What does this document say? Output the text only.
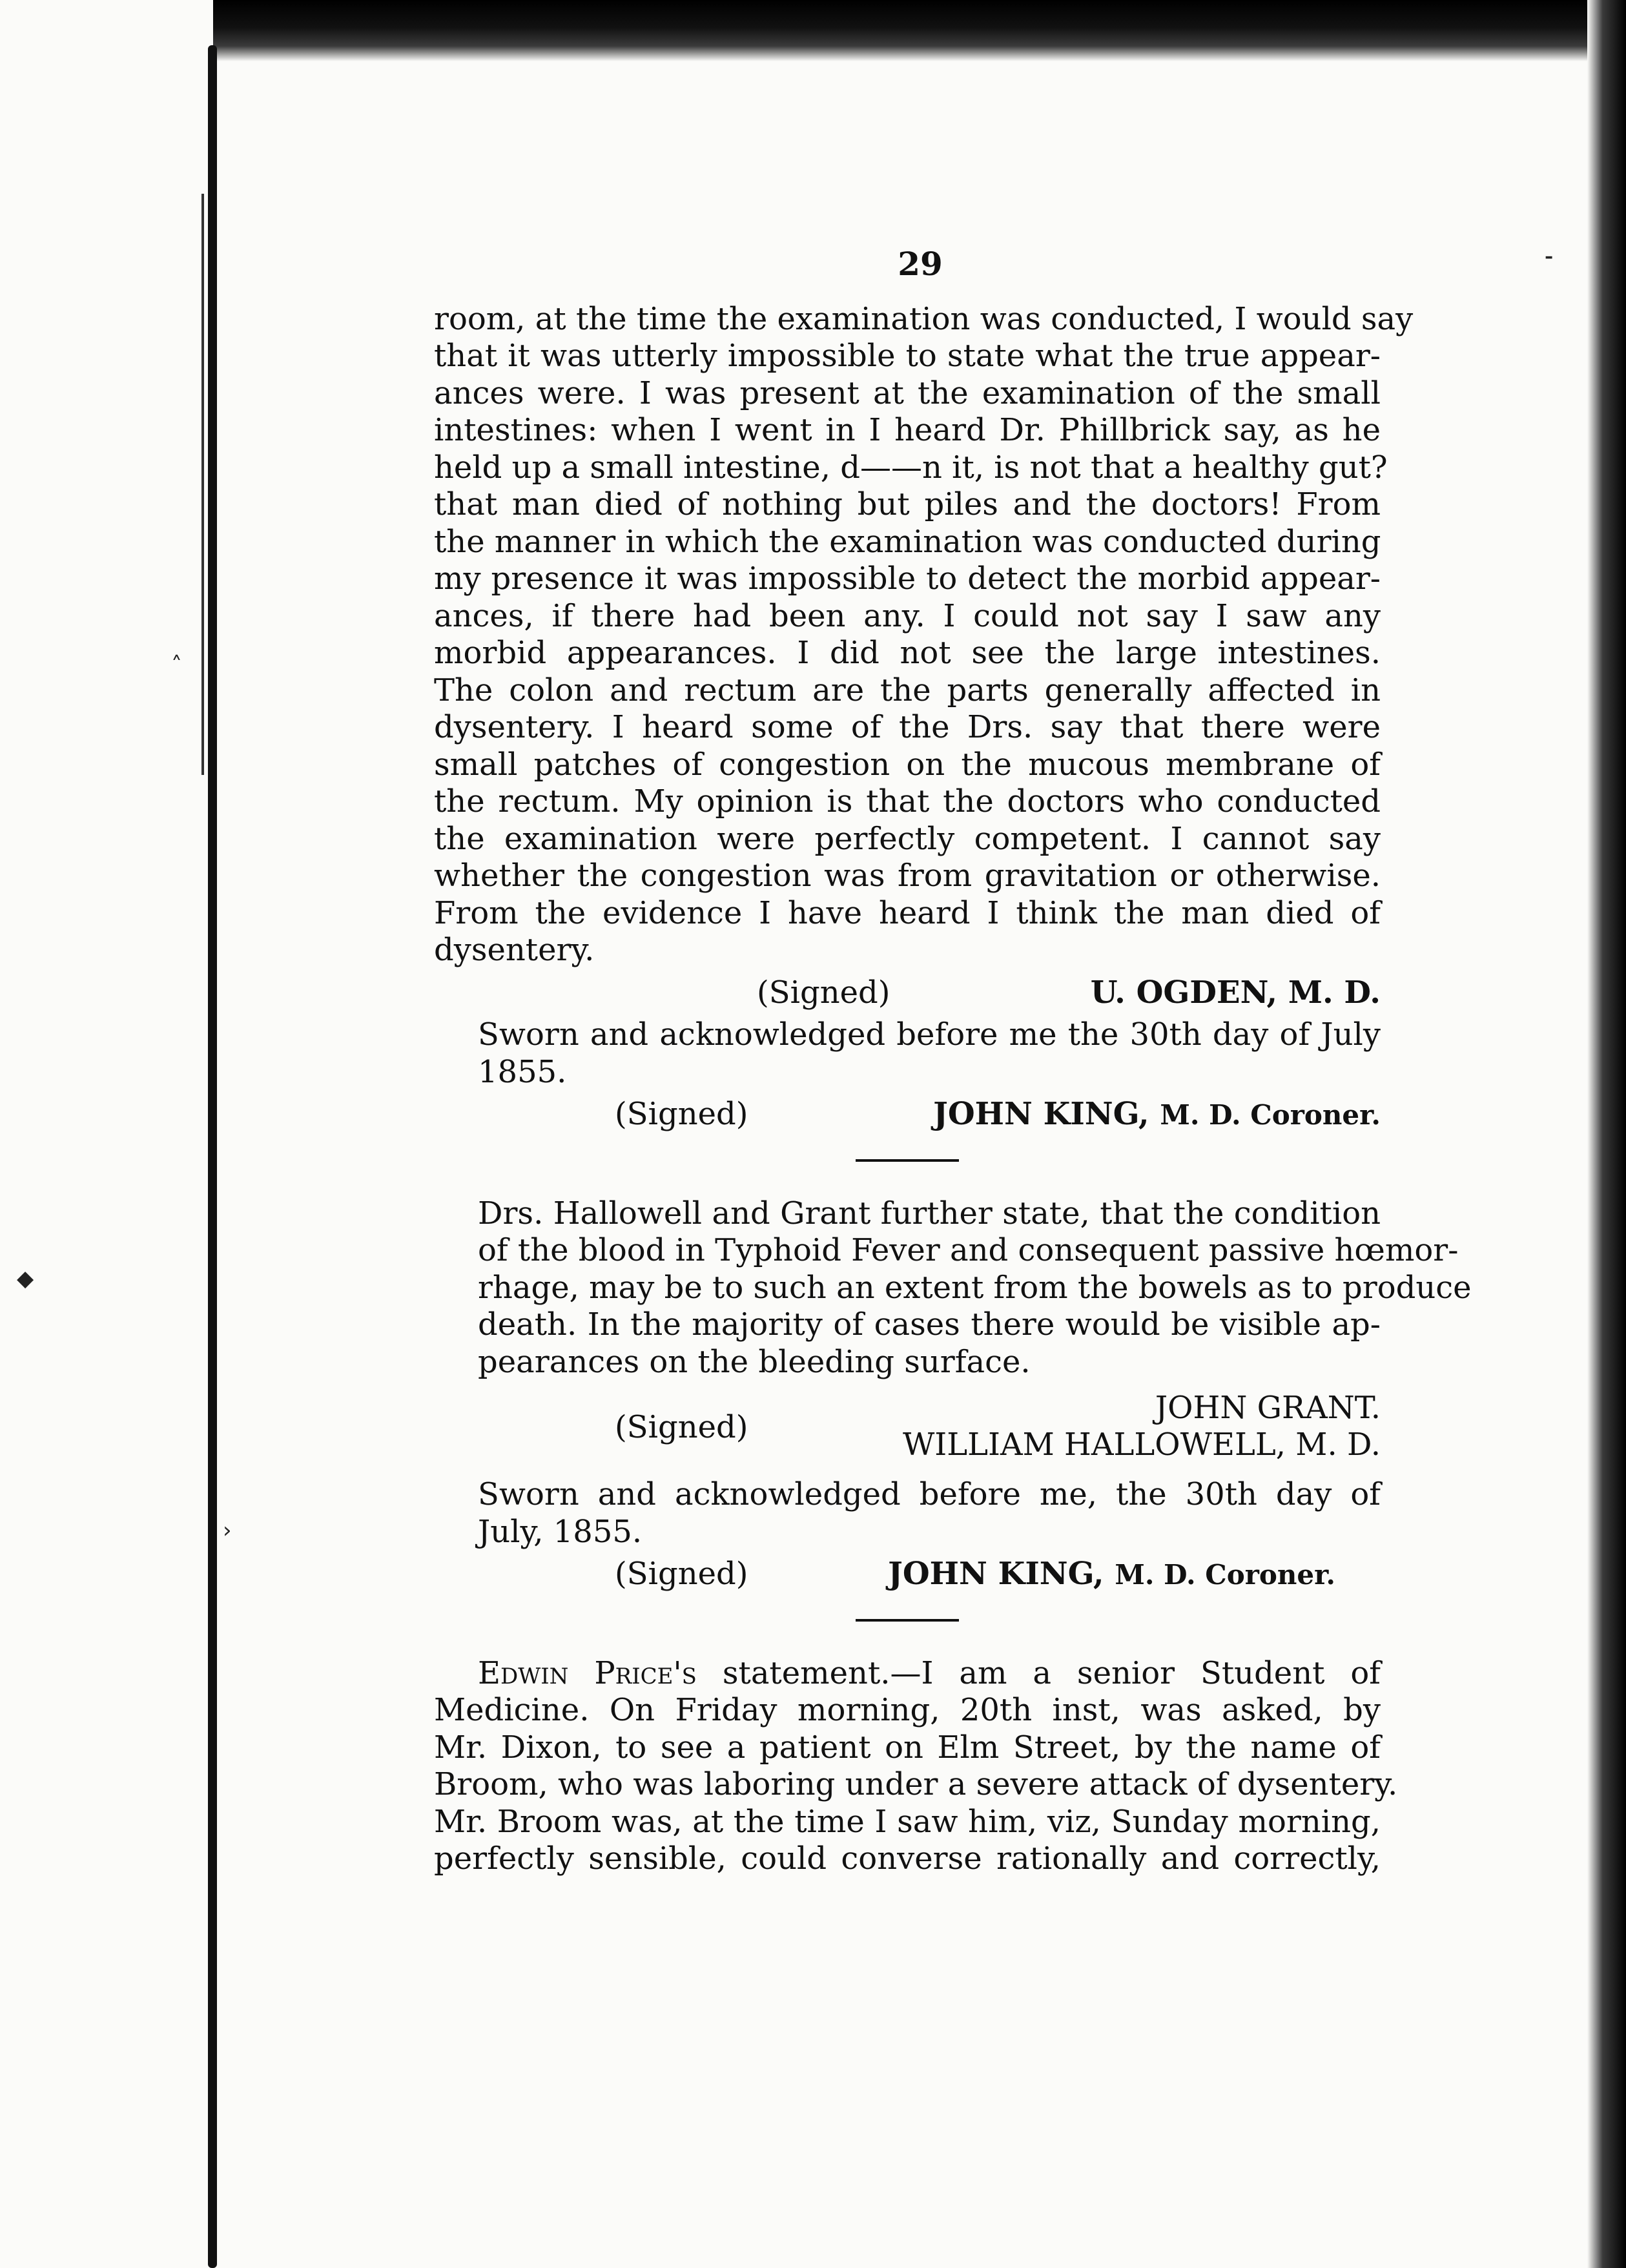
˄
◆
›
⁃
29
room, at the time the examination was conducted, I would say
that it was utterly impossible to state what the true appear-
ances were. I was present at the examination of the small
intestines: when I went in I heard Dr. Phillbrick say, as he
held up a small intestine, d——n it, is not that a healthy gut?
that man died of nothing but piles and the doctors! From
the manner in which the examination was conducted during
my presence it was impossible to detect the morbid appear-
ances, if there had been any. I could not say I saw any
morbid appearances. I did not see the large intestines.
The colon and rectum are the parts generally affected in
dysentery. I heard some of the Drs. say that there were
small patches of congestion on the mucous membrane of
the rectum. My opinion is that the doctors who conducted
the examination were perfectly competent. I cannot say
whether the congestion was from gravitation or otherwise.
From the evidence I have heard I think the man died of
dysentery.
(Signed)	U. OGDEN, M. D.
Sworn and acknowledged before me the 30th day of July
1855.
(Signed)	JOHN KING, M. D. Coroner.
Drs. Hallowell and Grant further state, that the condition
of the blood in Typhoid Fever and consequent passive hœmor-
rhage, may be to such an extent from the bowels as to produce
death. In the majority of cases there would be visible ap-
pearances on the bleeding surface.
(Signed)
JOHN GRANT.
WILLIAM HALLOWELL, M. D.
Sworn and acknowledged before me, the 30th day of
July, 1855.
(Signed)	JOHN KING, M. D. Coroner.
Edwin Price's statement.—I am a senior Student of
Medicine. On Friday morning, 20th inst, was asked, by
Mr. Dixon, to see a patient on Elm Street, by the name of
Broom, who was laboring under a severe attack of dysentery.
Mr. Broom was, at the time I saw him, viz, Sunday morning,
perfectly sensible, could converse rationally and correctly,
